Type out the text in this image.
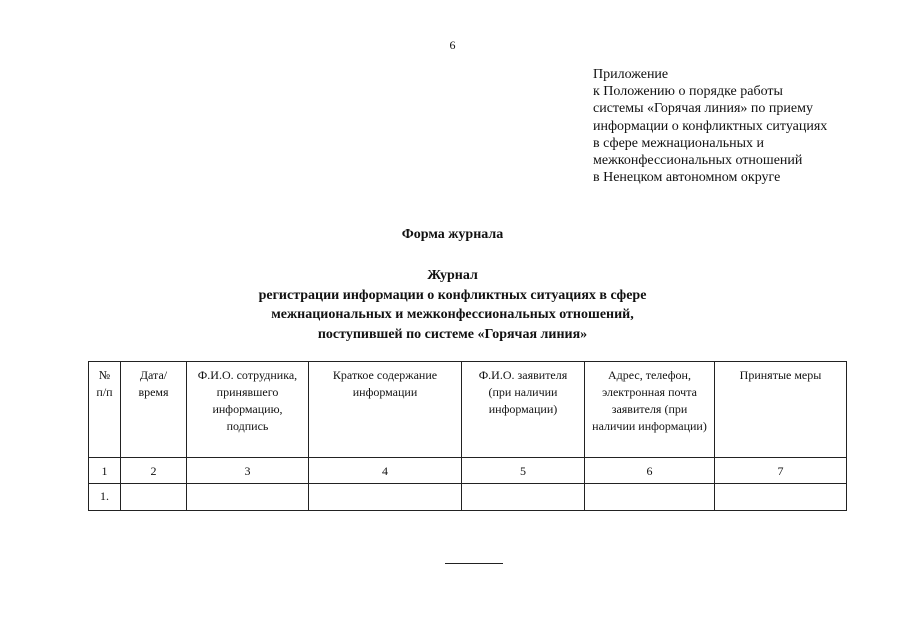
6
Приложение
к Положению о порядке работы
системы «Горячая линия» по приему
информации о конфликтных ситуациях
в сфере межнациональных и
межконфессиональных отношений
в Ненецком автономном округе
Форма журнала
Журнал
регистрации информации о конфликтных ситуациях в сфере
межнациональных и межконфессиональных отношений,
поступившей по системе «Горячая линия»
№ п/п	Дата/ время	Ф.И.О. сотрудника, принявшего информацию, подпись	Краткое содержание информации	Ф.И.О. заявителя (при наличии информации)	Адрес, телефон, электронная почта заявителя (при наличии информации)	Принятые меры
1	2	3	4	5	6	7
1.						
